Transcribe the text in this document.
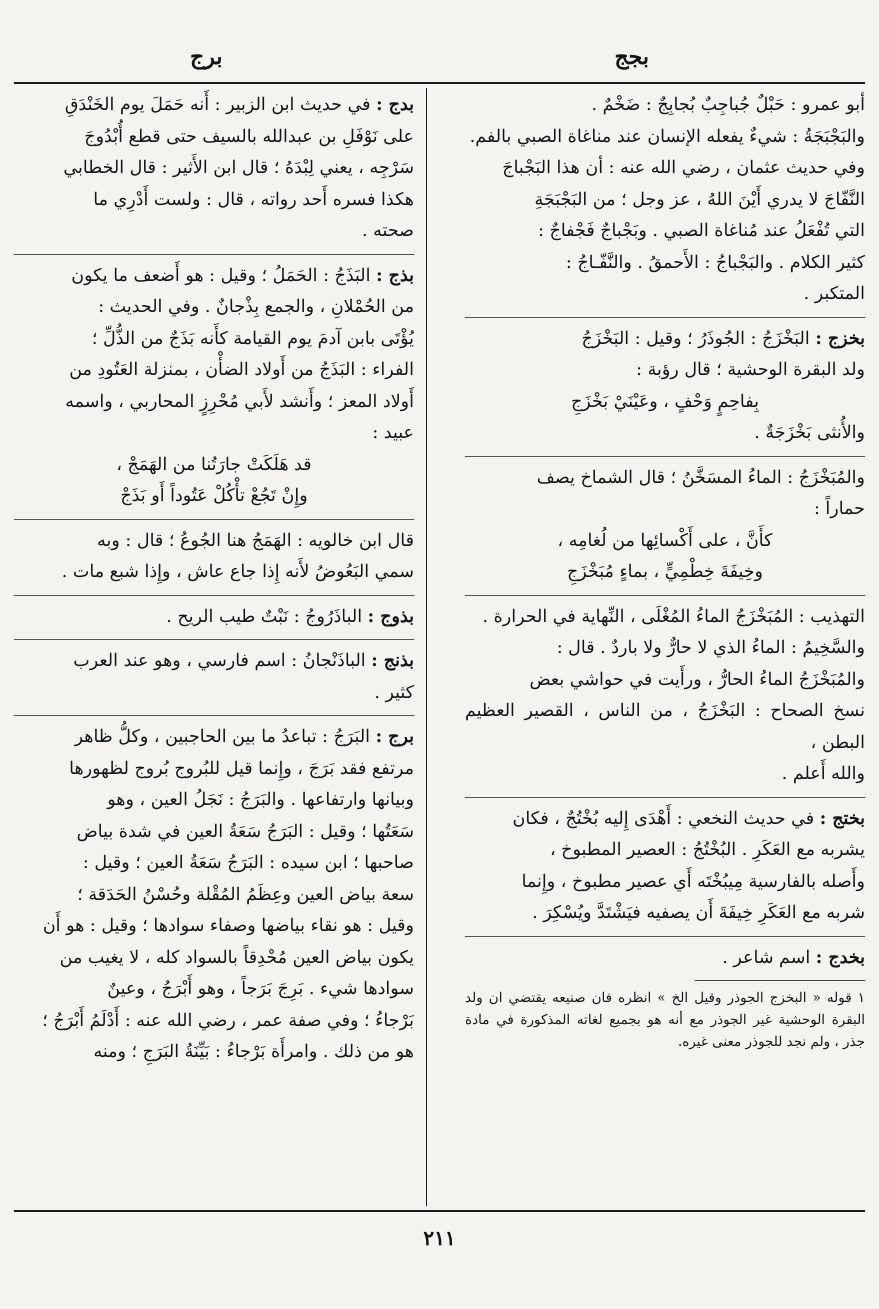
بجج
برج
أبو عمرو : حَبْلٌ جُباجِبٌ بُجابِجٌ : ضَخْمٌ .
والبَجْبَجَةُ : شيءٌ يفعله الإنسان عند مناغاة الصبي بالفم.
وفي حديث عثمان ، رضي الله عنه : أن هذا البَجْباجَ
النَّفّاجَ لا يدري أَيْنَ اللهُ ، عز وجل ؛ من البَجْبَجَةِ
التي تُفْعَلُ عند مُناغاة الصبي . وبَجْباجٌ فَجْفاجٌ :
كثير الكلام . والبَجْباجُ : الأَحمقُ . والنَّفّـاجُ :
المتكبر .
بخزج : البَخْزَجُ : الجُوذَرُ ؛ وقيل : البَخْزَجُ
ولد البقرة الوحشية ؛ قال رؤبة :

بِفاحِمٍ وَحْفٍ ، وعَيْنَيْ بَخْزَجِ

والأُنثى بَخْزَجَةٌ .
والمُبَخْزَجُ : الماءُ المسَخَّنُ ؛ قال الشماخ يصف
حماراً :

كأَنَّ ، على أَكْسائِها من لُغامِه ،

وخِيفَةَ خِطْمِيٍّ ، بماءٍ مُبَخْزَجِ

التهذيب : المُبَخْزَجُ الماءُ المُغْلَى ، النِّهاية في الحرارة .
والسَّخِيمُ : الماءُ الذي لا حارٌّ ولا باردٌ . قال :
والمُبَخْزَجُ الماءُ الحارُّ ، ورأَيت في حواشي بعض
نسخ الصحاح : البَخْزَجُ ، من الناس ، القصير العظيم البطن ،
والله أَعلم .
بختج : في حديث النخعي : أَهْدَى إِليه بُخْتُجٌ ، فكان
يشربه مع العَكَرِ . البُخْتُجُ : العصير المطبوخ ،
وأَصله بالفارسية مِيبُخْتَه أَي عصير مطبوخ ، وإِنما
شربه مع العَكَرِ خِيفَةَ أَن يصفيه فيَشْتَدَّ ويُسْكِرَ .
بخدج : اسم شاعر .
١ قوله « البخزج الجوذر وقيل الخ » انظره فان صنيعه يقتضي ان ولد البقرة الوحشية غير الجوذر مع أنه هو بجميع لغاته المذكورة في مادة جذر ، ولم نجد للجوذر معنى غيره.
بدج : في حديث ابن الزبير : أَنه حَمَلَ يوم الخَنْدَقِ
على نَوْفَلِ بن عبدالله بالسيف حتى قطع أُبْدُوجَ
سَرْجِه ، يعني لِبْدَهُ ؛ قال ابن الأَثير : قال الخطابي
هكذا فسره أَحد رواته ، قال : ولست أَدْرِي ما
صحته .
بذج : البَذَجُ : الحَمَلُ ؛ وقيل : هو أَضعف ما يكون
من الحُمْلانِ ، والجمع بِذْجانٌ . وفي الحديث :
يُؤْتَى بابن آدمَ يوم القيامة كأَنه بَذَجٌ من الذُّلِّ ؛
الفراء : البَذَجُ من أَولاد الضأْن ، بمنزلة العَتُودِ من
أَولاد المعز ؛ وأَنشد لأَبي مُحْرِزٍ المحاربي ، واسمه
عبيد :

قد هَلَكَتْ جارَتُنا من الهَمَجْ ،

وإِنْ تَجُعْ تأْكُلْ عَتُوداً أَو بَذَجْ

قال ابن خالويه : الهَمَجُ هنا الجُوعُ ؛ قال : وبه
سمي البَعُوضُ لأَنه إِذا جاع عاش ، وإِذا شبع مات .
بذوج : الباذَرُوجُ : نَبْتٌ طيب الريح .
بذنج : الباذَنْجانُ : اسم فارسي ، وهو عند العرب
كثير .
برج : البَرَجُ : تباعدُ ما بين الحاجبين ، وكلُّ ظاهر
مرتفع فقد بَرَجَ ، وإِنما قيل للبُروج بُروج لظهورها
وبيانها وارتفاعها . والبَرَجُ : نَجَلُ العين ، وهو
سَعَتُها ؛ وقيل : البَرَجُ سَعَةُ العين في شدة بياض
صاحبها ؛ ابن سيده : البَرَجُ سَعَةُ العين ؛ وقيل :
سعة بياض العين وعِظَمُ المُقْلة وحُسْنُ الحَدَقة ؛
وقيل : هو نقاء بياضها وصفاء سوادها ؛ وقيل : هو أَن
يكون بياض العين مُحْدِقاً بالسواد كله ، لا يغيب من
سوادها شيء . بَرِجَ بَرَجاً ، وهو أَبْرَجُ ، وعينٌ
بَرْجاءُ ؛ وفي صفة عمر ، رضي الله عنه : أَدْلَمُ أَبْرَجُ ؛
هو من ذلك . وامرأَة بَرْجاءُ : بَيِّنَةُ البَرَجِ ؛ ومنه
٢١١
